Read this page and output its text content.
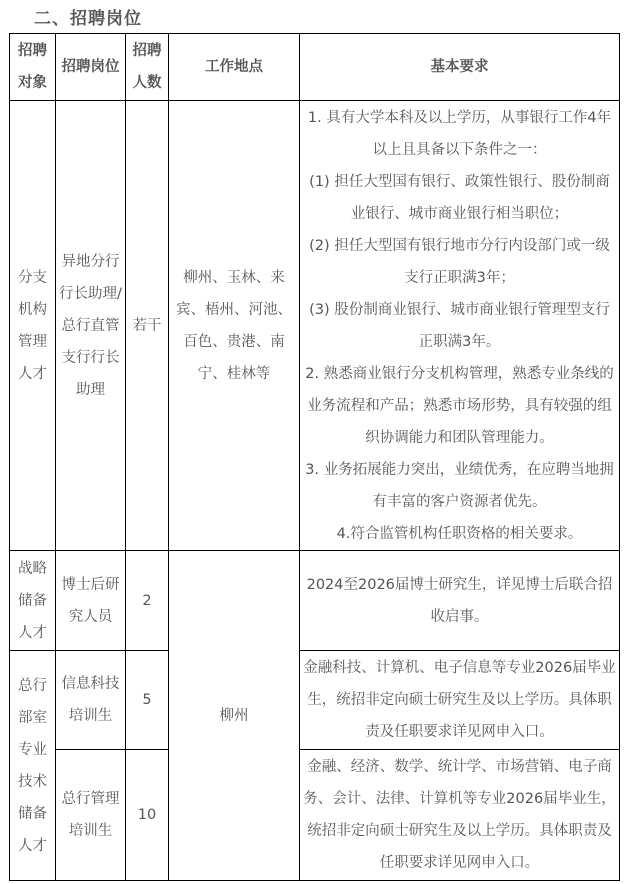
二、招聘岗位
招聘对象	招聘岗位	招聘人数	工作地点	基本要求
分支机构管理人才	异地分行行长助理/总行直管支行行长助理	若干	柳州、玉林、来宾、梧州、河池、百色、贵港、南宁、桂林等	
1. 具有大学本科及以上学历，从事银行工作4年以上且具备以下条件之一：
(1) 担任大型国有银行、政策性银行、股份制商业银行、城市商业银行相当职位；
(2) 担任大型国有银行地市分行内设部门或一级支行正职满3年；
(3) 股份制商业银行、城市商业银行管理型支行正职满3年。
2. 熟悉商业银行分支机构管理，熟悉专业条线的业务流程和产品；熟悉市场形势，具有较强的组织协调能力和团队管理能力。
3. 业务拓展能力突出，业绩优秀，在应聘当地拥有丰富的客户资源者优先。
4.符合监管机构任职资格的相关要求。

战略储备人才	博士后研究人员	2	柳州	2024至2026届博士研究生，详见博士后联合招收启事。

总行部室专业技术储备人才	信息科技培训生	5		金融科技、计算机、电子信息等专业2026届毕业生，统招非定向硕士研究生及以上学历。具体职责及任职要求详见网申入口。

	总行管理培训生	10		金融、经济、数学、统计学、市场营销、电子商务、会计、法律、计算机等专业2026届毕业生，统招非定向硕士研究生及以上学历。具体职责及任职要求详见网申入口。
